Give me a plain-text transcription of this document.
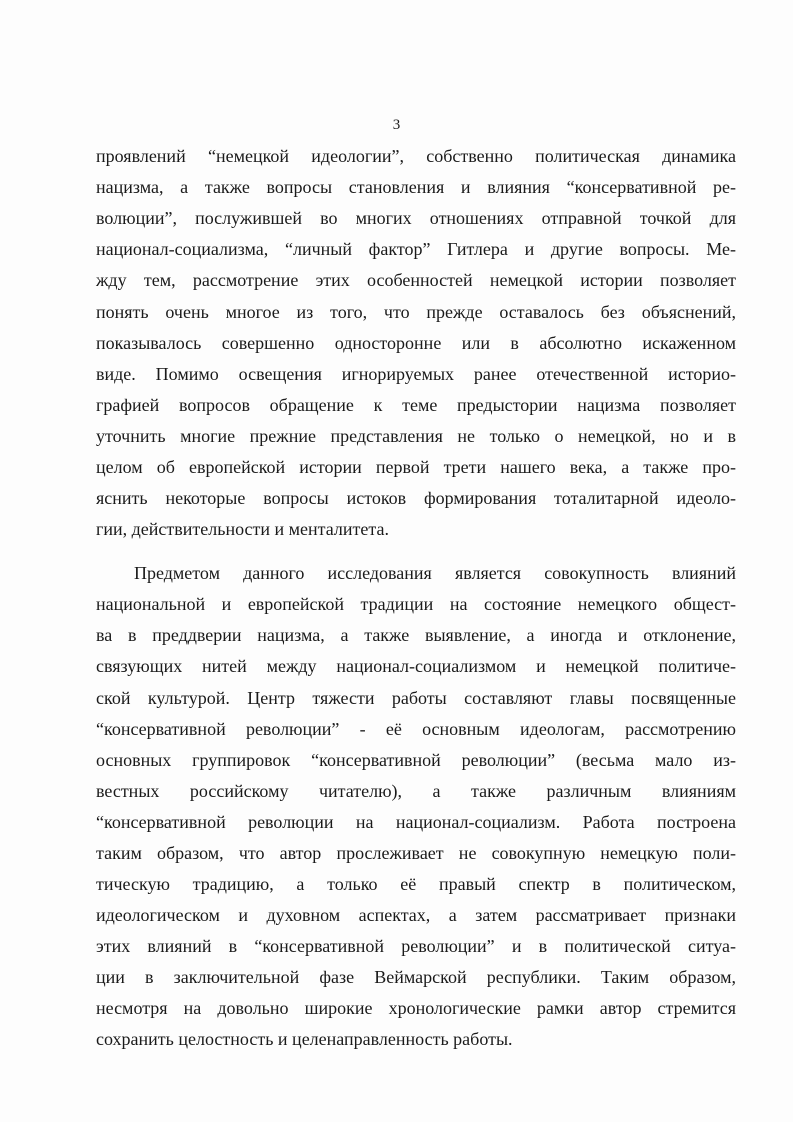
3
проявлений “немецкой идеологии”, собственно политическая динамика
нацизма, а также вопросы становления и влияния “консервативной ре-
волюции”, послужившей во многих отношениях отправной точкой для
национал-социализма, “личный фактор” Гитлера и другие вопросы. Ме-
жду тем, рассмотрение этих особенностей немецкой истории позволяет
понять очень многое из того, что прежде оставалось без объяснений,
показывалось совершенно односторонне или в абсолютно искаженном
виде. Помимо освещения игнорируемых ранее отечественной историо-
графией вопросов обращение к теме предыстории нацизма позволяет
уточнить многие прежние представления не только о немецкой, но и в
целом об европейской истории первой трети нашего века, а также про-
яснить некоторые вопросы истоков формирования тоталитарной идеоло-
гии, действительности и менталитета.
Предметом данного исследования является совокупность влияний
национальной и европейской традиции на состояние немецкого общест-
ва в преддверии нацизма, а также выявление, а иногда и отклонение,
связующих нитей между национал-социализмом и немецкой политиче-
ской культурой. Центр тяжести работы составляют главы посвященные
“консервативной революции” - её основным идеологам, рассмотрению
основных группировок “консервативной революции” (весьма мало из-
вестных российскому читателю), а также различным влияниям
“консервативной революции на национал-социализм. Работа построена
таким образом, что автор прослеживает не совокупную немецкую поли-
тическую традицию, а только её правый спектр в политическом,
идеологическом и духовном аспектах, а затем рассматривает признаки
этих влияний в “консервативной революции” и в политической ситуа-
ции в заключительной фазе Веймарской республики. Таким образом,
несмотря на довольно широкие хронологические рамки автор стремится
сохранить целостность и целенаправленность работы.
